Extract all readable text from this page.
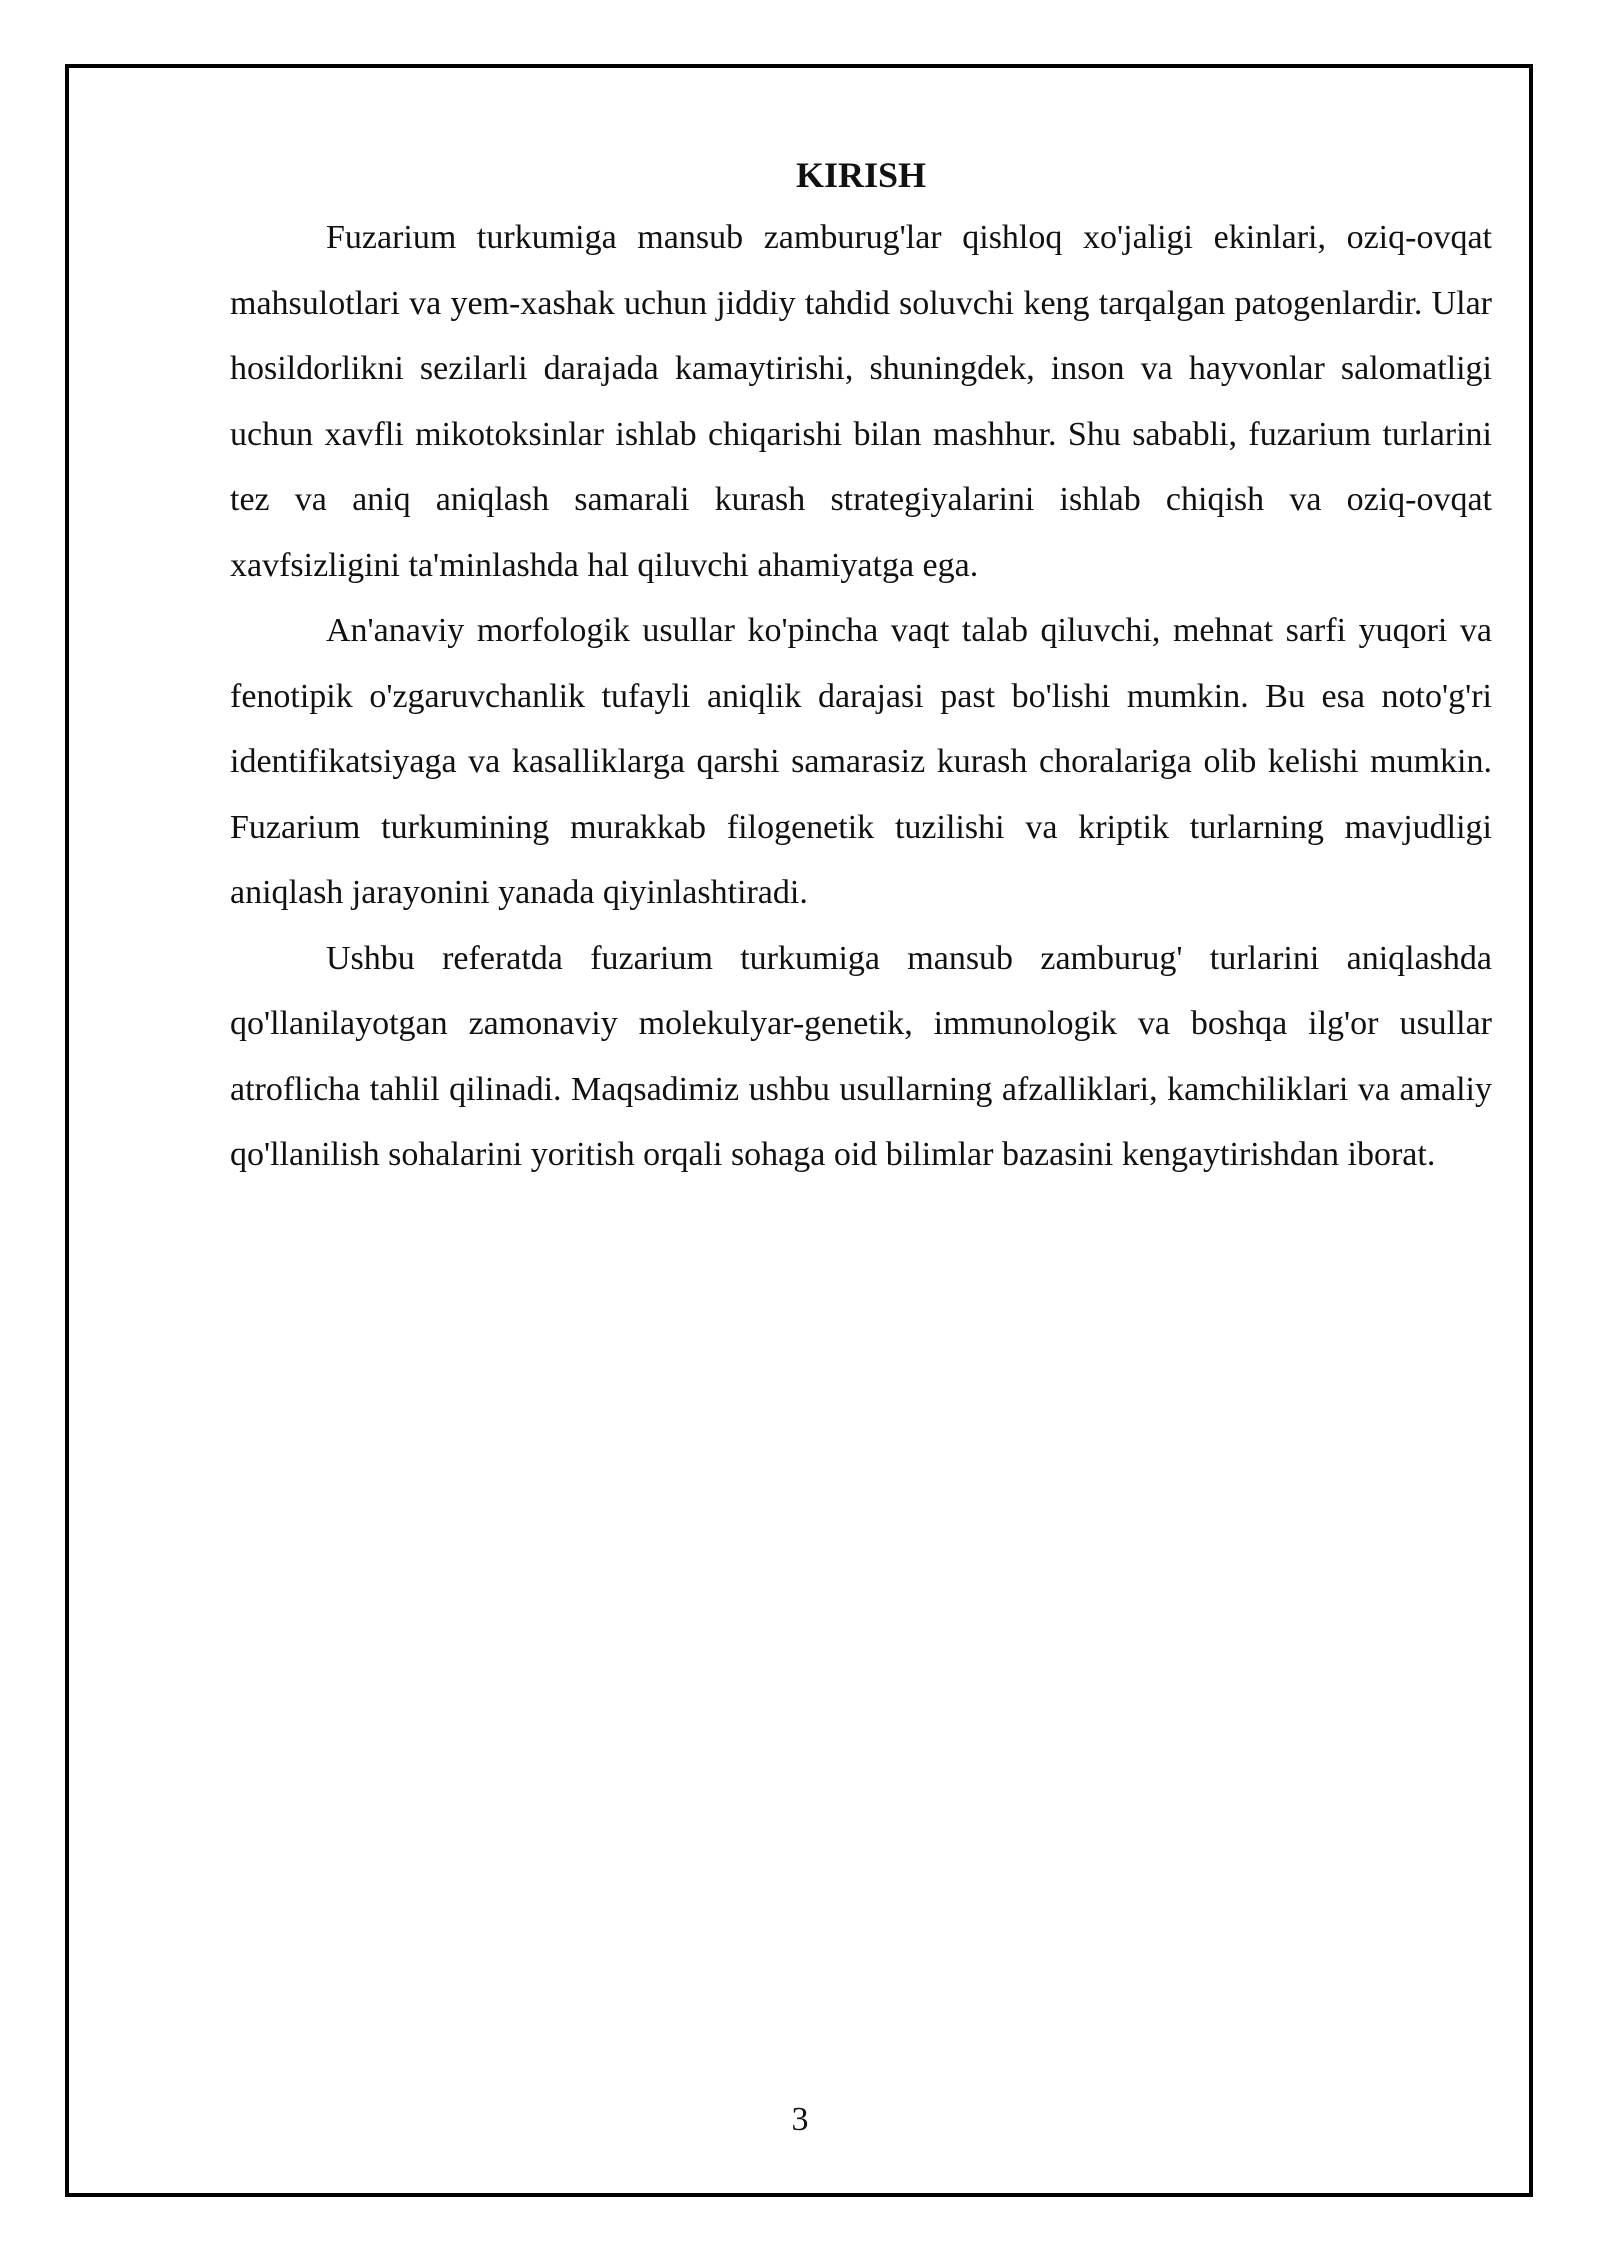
KIRISH

Fuzarium turkumiga mansub zamburug'lar qishloq xo'jaligi ekinlari, oziq-ovqat mahsulotlari va yem-xashak uchun jiddiy tahdid soluvchi keng tarqalgan patogenlardir. Ular hosildorlikni sezilarli darajada kamaytirishi, shuningdek, inson va hayvonlar salomatligi uchun xavfli mikotoksinlar ishlab chiqarishi bilan mashhur. Shu sababli, fuzarium turlarini tez va aniq aniqlash samarali kurash strategiyalarini ishlab chiqish va oziq-ovqat xavfsizligini ta'minlashda hal qiluvchi ahamiyatga ega.

An'anaviy morfologik usullar ko'pincha vaqt talab qiluvchi, mehnat sarfi yuqori va fenotipik o'zgaruvchanlik tufayli aniqlik darajasi past bo'lishi mumkin. Bu esa noto'g'ri identifikatsiyaga va kasalliklarga qarshi samarasiz kurash choralariga olib kelishi mumkin. Fuzarium turkumining murakkab filogenetik tuzilishi va kriptik turlarning mavjudligi aniqlash jarayonini yanada qiyinlashtiradi.

Ushbu referatda fuzarium turkumiga mansub zamburug' turlarini aniqlashda qo'llanilayotgan zamonaviy molekulyar-genetik, immunologik va boshqa ilg'or usullar atroflicha tahlil qilinadi. Maqsadimiz ushbu usullarning afzalliklari, kamchiliklari va amaliy qo'llanilish sohalarini yoritish orqali sohaga oid bilimlar bazasini kengaytirishdan iborat.

3
